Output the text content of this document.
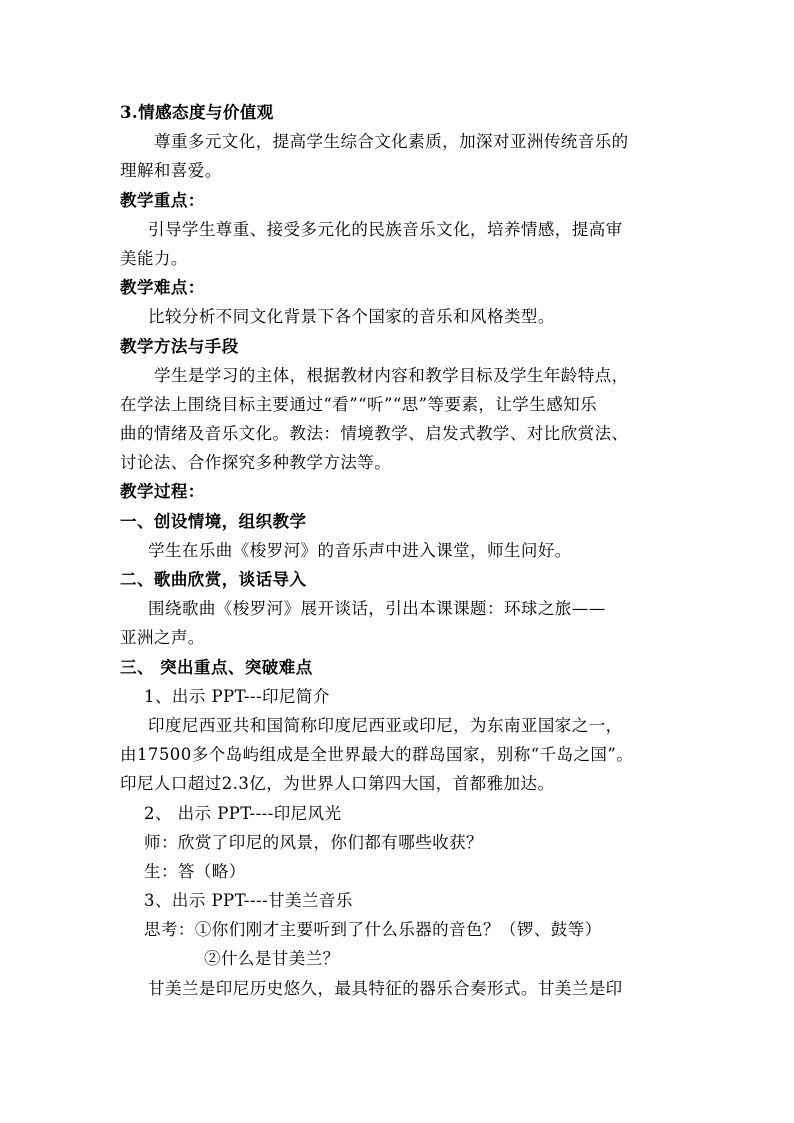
3.情感态度与价值观
尊重多元文化，提高学生综合文化素质，加深对亚洲传统音乐的
理解和喜爱。
教学重点：
引导学生尊重、接受多元化的民族音乐文化，培养情感，提高审
美能力。
教学难点：
比较分析不同文化背景下各个国家的音乐和风格类型。
教学方法与手段
学生是学习的主体，根据教材内容和教学目标及学生年龄特点，
在学法上围绕目标主要通过“看”“听”“思”等要素，让学生感知乐
曲的情绪及音乐文化。教法：情境教学、启发式教学、对比欣赏法、
讨论法、合作探究多种教学方法等。
教学过程：
一、创设情境，组织教学
学生在乐曲《梭罗河》的音乐声中进入课堂，师生问好。
二、歌曲欣赏，谈话导入
围绕歌曲《梭罗河》展开谈话，引出本课课题：环球之旅——
亚洲之声。
三、 突出重点、突破难点
1、出示 PPT---印尼简介
印度尼西亚共和国简称印度尼西亚或印尼，为东南亚国家之一，
由17500多个岛屿组成是全世界最大的群岛国家，别称“千岛之国”。
印尼人口超过2.3亿，为世界人口第四大国，首都雅加达。
2、 出示 PPT----印尼风光
师：欣赏了印尼的风景，你们都有哪些收获？
生：答（略）
3、出示 PPT----甘美兰音乐
思考：①你们刚才主要听到了什么乐器的音色？（锣、鼓等）
②什么是甘美兰？
甘美兰是印尼历史悠久，最具特征的器乐合奏形式。甘美兰是印
